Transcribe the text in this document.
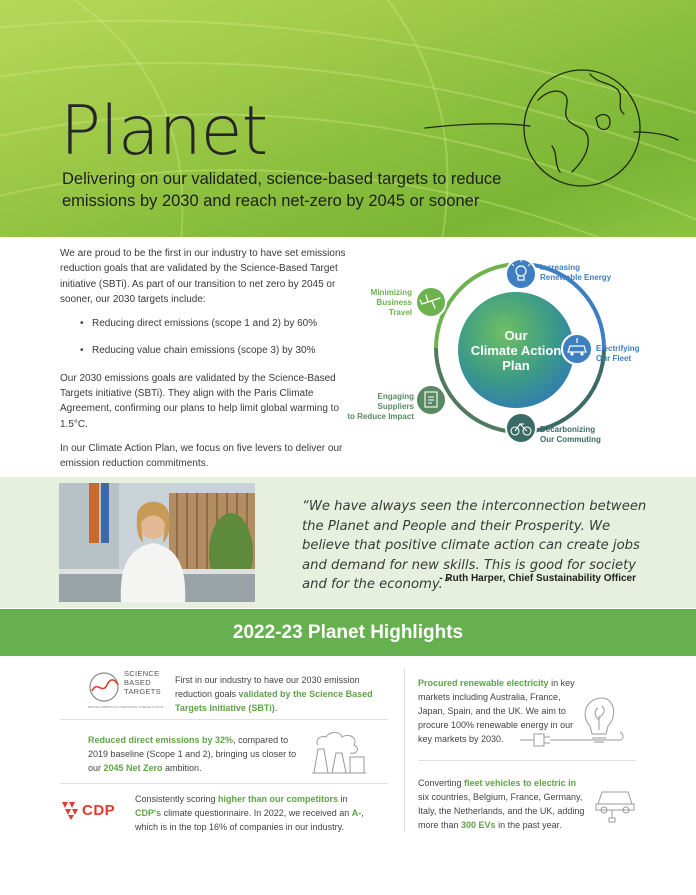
Planet
Delivering on our validated, science-based targets to reduce emissions by 2030 and reach net-zero by 2045 or sooner

We are proud to be the first in our industry to have set emissions reduction goals that are validated by the Science-Based Target initiative (SBTi). As part of our transition to net zero by 2045 or sooner, our 2030 targets include:

• Reducing direct emissions (scope 1 and 2) by 60%
• Reducing value chain emissions (scope 3) by 30%

Our 2030 emissions goals are validated by the Science-Based Targets initiative (SBTi). They align with the Paris Climate Agreement, confirming our plans to help limit global warming to 1.5°C.

In our Climate Action Plan, we focus on five levers to deliver our emission reduction commitments.

Our
Climate Action
Plan
Increasing
Renewable Energy
Electrifying
Our Fleet
Decarbonizing
Our Commuting
Engaging Suppliers
to Reduce Impact
Minimizing
Business
Travel
“We have always seen the interconnection between the Planet and People and their Prosperity. We believe that positive climate action can create jobs and demand for new skills. This is good for society and for the economy.”
- Ruth Harper, Chief Sustainability Officer
2022-23 Planet Highlights
SCIENCE
BASED
TARGETS
DRIVING AMBITIOUS CORPORATE CLIMATE ACTION
First in our industry to have our 2030 emission reduction goals validated by the Science Based Targets Initiative (SBTi).
Reduced direct emissions by 32%, compared to 2019 baseline (Scope 1 and 2), bringing us closer to our 2045 Net Zero ambition.
CDP
Consistently scoring higher than our competitors in CDP's climate questionnaire. In 2022, we received an A-, which is in the top 16% of companies in our industry.
Procured renewable electricity in key markets including Australia, France, Japan, Spain, and the UK. We aim to procure 100% renewable energy in our key markets by 2030.
Converting fleet vehicles to electric in six countries, Belgium, France, Germany, Italy, the Netherlands, and the UK, adding more than 300 EVs in the past year.
